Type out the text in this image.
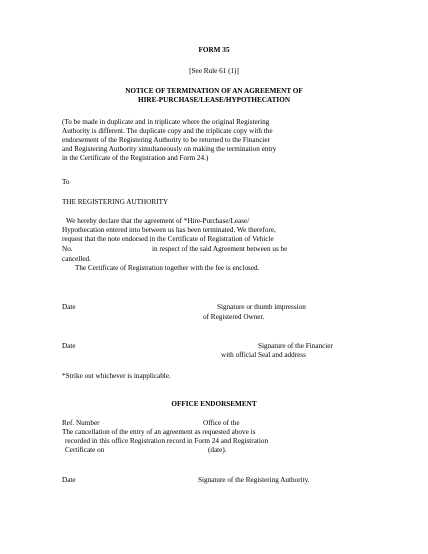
FORM 35
[See Rule 61 (1)]
NOTICE OF TERMINATION OF AN AGREEMENT OF
HIRE-PURCHASE/LEASE/HYPOTHECATION
(To be made in duplicate and in triplicate where the original Registering
Authority is different. The duplicate copy and the triplicate copy with the
endorsement of the Registering Authority to be returned to the Financier
and Registering Authority simultaneously on making the termination entry
in the Certificate of the Registration and Form 24.)
To
THE REGISTERING AUTHORITY
We hereby declare that the agreement of *Hire-Purchase/Lease/
Hypothecation entered into between us has been terminated. We therefore,
request that the note endorsed in the Certificate of Registration of Vehicle
No.	in respect of the said Agreement between us be
cancelled.
The Certificate of Registration together with the fee is enclosed.
Date	Signature or thumb impression
of Registered Owner.
Date	Signature of the Financier
with official Seal and address
*Strike out whichever is inapplicable.
OFFICE ENDORSEMENT
Ref. Number	Office of the
The cancellation of the entry of an agreement as requested above is
recorded in this office Registration record in Form 24 and Registration
Certificate on	(date).
Date	Signature of the Registering Authority.
